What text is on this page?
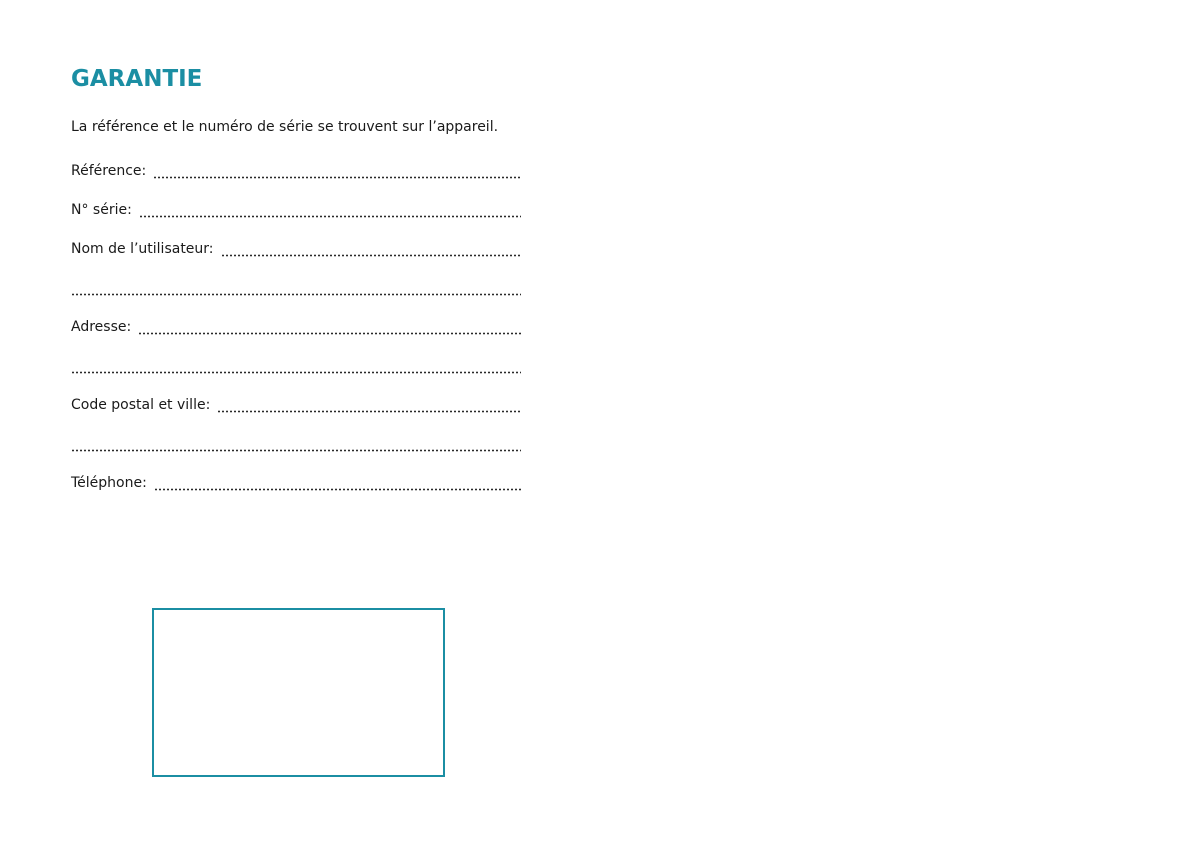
GARANTIE

La référence et le numéro de série se trouvent sur l’appareil.

Référence:
N° série:
Nom de l’utilisateur:
Adresse:
Code postal et ville:
Téléphone:
